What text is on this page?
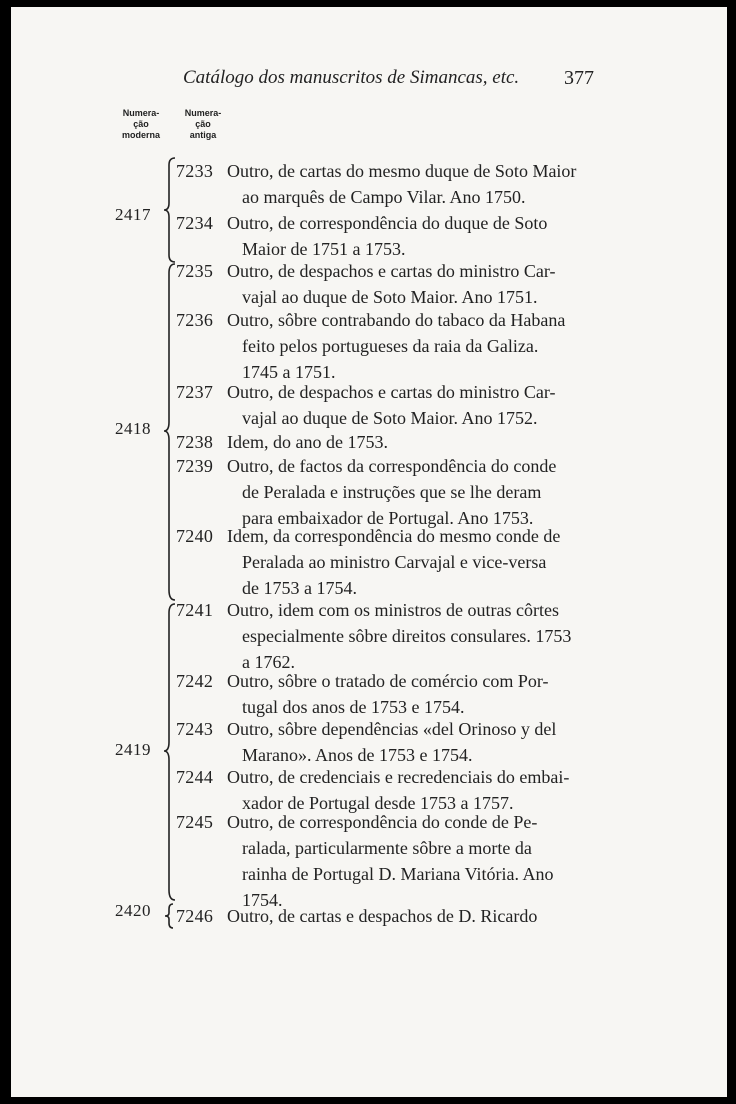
Catálogo dos manuscritos de Simancas, etc. 377
Numera-
ção
moderna
Numera-
ção
antiga
2417
2418
2419
2420
7233 Outro, de cartas do mesmo duque de Soto Maior
ao marquês de Campo Vilar. Ano 1750.
7234 Outro, de correspondência do duque de Soto
Maior de 1751 a 1753.
7235 Outro, de despachos e cartas do ministro Car-
vajal ao duque de Soto Maior. Ano 1751.
7236 Outro, sôbre contrabando do tabaco da Habana
feito pelos portugueses da raia da Galiza.
1745 a 1751.
7237 Outro, de despachos e cartas do ministro Car-
vajal ao duque de Soto Maior. Ano 1752.
7238 Idem, do ano de 1753.
7239 Outro, de factos da correspondência do conde
de Peralada e instruções que se lhe deram
para embaixador de Portugal. Ano 1753.
7240 Idem, da correspondência do mesmo conde de
Peralada ao ministro Carvajal e vice-versa
de 1753 a 1754.
7241 Outro, idem com os ministros de outras côrtes
especialmente sôbre direitos consulares. 1753
a 1762.
7242 Outro, sôbre o tratado de comércio com Por-
tugal dos anos de 1753 e 1754.
7243 Outro, sôbre dependências «del Orinoso y del
Marano». Anos de 1753 e 1754.
7244 Outro, de credenciais e recredenciais do embai-
xador de Portugal desde 1753 a 1757.
7245 Outro, de correspondência do conde de Pe-
ralada, particularmente sôbre a morte da
rainha de Portugal D. Mariana Vitória. Ano
1754.
7246 Outro, de cartas e despachos de D. Ricardo
